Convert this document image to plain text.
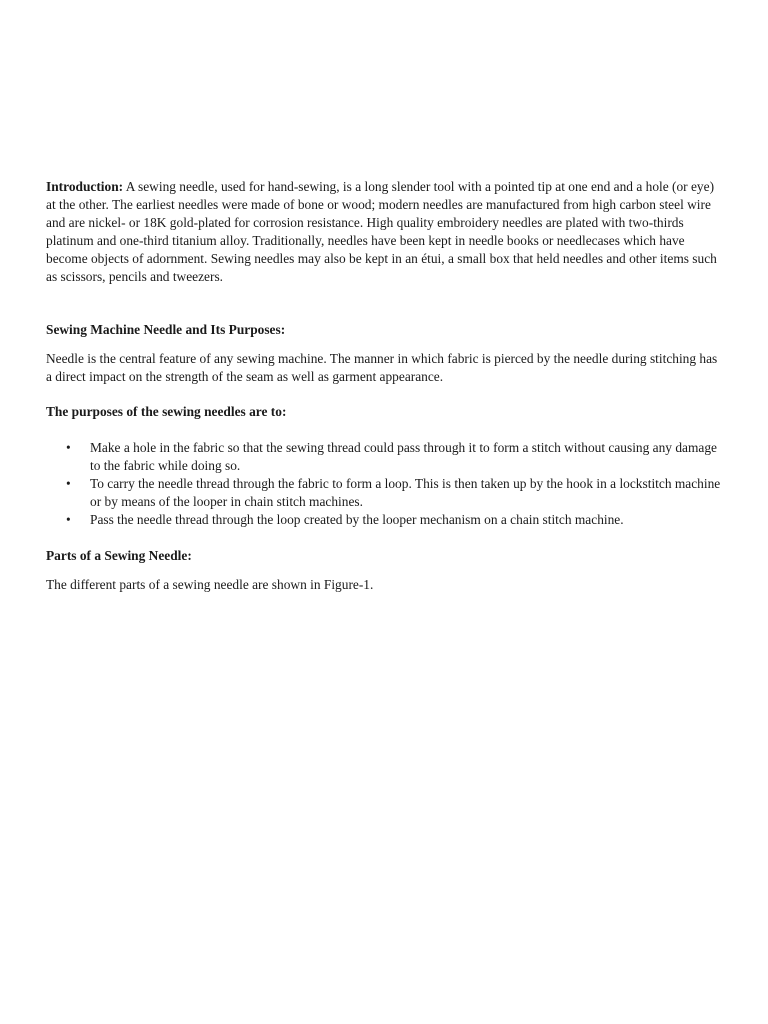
Introduction: A sewing needle, used for hand-sewing, is a long slender tool with a pointed tip at one end and a hole (or eye) at the other. The earliest needles were made of bone or wood; modern needles are manufactured from high carbon steel wire and are nickel- or 18K gold-plated for corrosion resistance. High quality embroidery needles are plated with two-thirds platinum and one-third titanium alloy. Traditionally, needles have been kept in needle books or needlecases which have become objects of adornment. Sewing needles may also be kept in an étui, a small box that held needles and other items such as scissors, pencils and tweezers.

Sewing Machine Needle and Its Purposes:

Needle is the central feature of any sewing machine. The manner in which fabric is pierced by the needle during stitching has a direct impact on the strength of the seam as well as garment appearance.

The purposes of the sewing needles are to:

• Make a hole in the fabric so that the sewing thread could pass through it to form a stitch without causing any damage to the fabric while doing so.
• To carry the needle thread through the fabric to form a loop. This is then taken up by the hook in a lockstitch machine or by means of the looper in chain stitch machines.
• Pass the needle thread through the loop created by the looper mechanism on a chain stitch machine.

Parts of a Sewing Needle:

The different parts of a sewing needle are shown in Figure-1.
